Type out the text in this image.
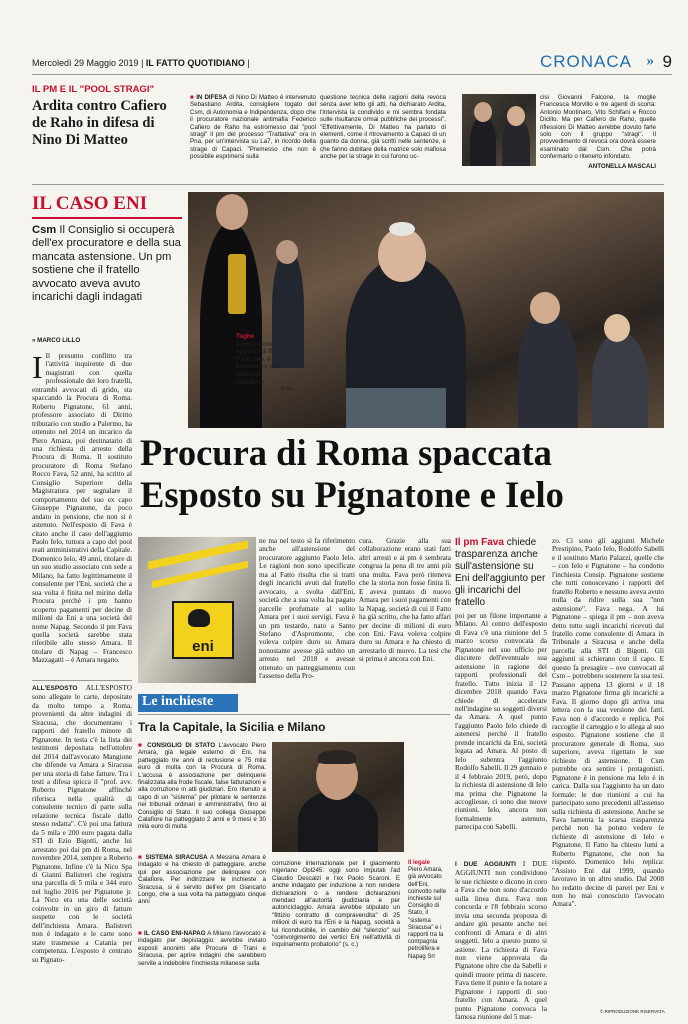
Mercoledì 29 Maggio 2019 | IL FATTO QUOTIDIANO |	CRONACA » 9
IL PM E IL "POOL STRAGI"
Ardita contro Cafiero de Raho in difesa di Nino Di Matteo
■ IN DIFESA di Nino Di Matteo è intervenuto Sebastiano Ardita, consigliere togato del Csm, di Autonomia e Indipendenza, dopo che il procuratore nazionale antimafia Federico Cafiero de Raho ha estromesso dal "pool stragi" il pm del processo "Trattativa" ora in Pna, per un'intervista su La7, in ricordo della strage di Capaci. "Premesso che non è possibile esprimersi sulla
questione tecnica delle ragioni della revoca senza aver letto gli atti, ha dichiarato Ardita, l'intervista la condivido e mi sembra fondata sulle risultanze ormai pubbliche dei processi". "Effettivamente, Di Matteo ha parlato di elementi, come il ritrovamento a Capaci di un guanto da donna, già scritti nelle sentenze, e che fanno dubitare della matrice solo mafiosa anche per la strage in cui furono uc-
cisi Giovanni Falcone, la moglie Francesca Morvillo e tre agenti di scorta: Antonio Montinaro, Vito Schifani e Rocco Dicillo. Ma per Cafiero de Raho, quelle riflessioni Di Matteo avrebbe dovuto farle solo con il gruppo "stragi". Il provvedimento di revoca ora dovrà essere esaminato dal Csm. Che potrà confermarlo o ritenerlo infondato.
ANTONELLA MASCALI
IL CASO ENI
Csm Il Consiglio si occuperà dell'ex procuratore e della sua mancata astensione. Un pm sostiene che il fratello avvocato aveva avuto incarichi dagli indagati
» MARCO LILLO
Toghe
Il procuratore aggiunto di Roma, Paolo Ielo, e l'ex procuratore capo, Giuseppe Pignatone

Ansa
Procura di Roma spaccata
Esposto su Pignatone e Ielo
I Il presunto conflitto tra l'attività inquirente di due magistrati con quella professionale dei loro fratelli, entrambi avvocati di grido, sta spaccando la Procura di Roma. Roberto Pignatone, 61 anni, professore associato di Diritto tributario con studio a Palermo, ha ottenuto nel 2014 un incarico da Piero Amara, poi destinatario di una richiesta di arresto della Procura di Roma. Il sostituto procuratore di Roma Stefano Rocco Fava, 52 anni, ha scritto al Consiglio Superiore della Magistratura per segnalare il comportamento del suo ex capo Giuseppe Pignatone, da poco andato in pensione, che non si è astenuto. Nell'esposto di Fava è citato anche il caso dell'aggiunto Paolo Ielo, tuttora a capo del pool reati amministrativi della Capitale. Domenico Ielo, 49 anni, titolare di un suo studio associato con sede a Milano, ha fatto legittimamente il consulente per l'Eni, società che a sua volta è finita nel mirino della Procura perché i pm hanno scoperto pagamenti per decine di milioni da Eni a una società del nome Napag. Secondo il pm Fava quella società sarebbe stata riferibile allo stesso Amara. Il titolare di Napag – Francesco Mazzagatti – è Amara negano.
ALL'ESPOSTO ALL'ESPOSTO sono allegate le carte, depositate da molto tempo a Roma, provenienti da altre indagini di Siracusa, che documentano i rapporti del fratello minore di Pignatone. In testa c'è la lista dei testimoni depositata nell'ottobre del 2014 dall'avvocato Mangione che difende va Amara a Siracusa per una storia di false fatture. Tra i testi a difesa spicca il "prof. avv. Roberto Pignatone affinché riferisca nella qualità di consulente tecnico di parte sulla relazione tecnica fiscale dallo stesso redatta". C'è poi una fattura da 5 mila e 200 euro pagata dalla STI di Ezio Bigotti, anche lui arrestato poi dai pm di Roma, nel novembre 2014, sempre a Roberto Pignatone. Infine c'è la Nico Spa di Gianni Balistreri che registra una parcella di 5 mila e 344 euro nel luglio 2016 per Pignatone jr. La Nico era una delle società coinvolte in un giro di fatture sospette con le società dell'inchiesta Amara. Balistreri non è indagato e le carte sono state trasmesse a Catania per competenza. L'esposto è centrato su Pignato-
eni
ne ma nel testo si fa riferimento anche all'astensione del procuratore aggiunto Paolo Ielo. Le ragioni non sono specificate ma al Fatto risulta che si tratti degli incarichi avuti dal fratello avvocato, a svolta dall'Eni, società che a sua volta ha pagato parcelle profumate al solito Amara per i suoi servigi. Fava è un pm testardo, nato a Santo Stefano d'Aspromonte, che voleva colpire duro su Amara nonostante avesse già subito un arresto nel 2018 e avesse ottenuto un patteggiamento con l'assenso della Pro-
cura. Grazie alla sua collaborazione erano stati fatti altri arresti e ai pm è sembrata congrua la pena di tre anni più una multa. Fava però riteneva che la storia non fosse finita lì. E aveva puntato di nuovo Amara per i suoi pagamenti con la Napag, società di cui il Fatto ha già scritto, che ha fatto affari per decine di milioni di euro con Eni. Fava voleva colpire duro su Amara e ha chiesto di arrestarlo di nuovo. La tesi che si prima è ancora con Eni.
Il pm Fava chiede trasparenza anche sull'astensione su Eni dell'aggiunto per gli incarichi del fratello
poi per un filone importante a Milano. Al centro dell'esposto di Fava c'è una riunione del 5 marzo scorso convocata da Pignatone nel suo ufficio per discutere dell'eventuale sua astensione in ragione dei rapporti professionali del fratello. Tutto inizia il 12 dicembre 2018 quando Fava chiede di accelerare nell'indagine su soggetti diversi da Amara. A quel punto l'aggiunto Paolo Ielo chiede di astenersi perché il fratello prende incarichi da Eni, società legata ad Amara. Al posto di Ielo subentra l'aggiunto Rodolfo Sabelli. Il 29 gennaio e il 4 febbraio 2019, però, dopo la richiesta di astensione di Ielo ma prima che Pignatone la accogliesse, ci sono due nuove riunioni. Ielo, ancora non formalmente astenuto, partecipa con Sabelli.
I DUE AGGIUNTI I DUE AGGIUNTI non condividono le sue richieste e dicono in coro a Fava che non sono d'accordo sulla linea dura. Fava non concorda e l'8 febbraio scorso invia una seconda proposta di andare giù pesante anche nei confronti di Amara e di altri soggetti. Ielo a questo punto si astiene. La richiesta di Fava non viene approvata da Pignatone oltre che da Sabelli e quindi muore prima di nascere. Fava tiene il punto e fa notare a Pignatone i rapporti di suo fratello con Amara. A quel punto Pignatone convoca la famosa riunione del 5 mar-
zo. Ci sono gli aggiunti Michele Prestipino, Paolo Ielo, Rodolfo Sabelli e il sostituto Mario Palazzi, quelle che – con Ielo e Pignatone – ha condotto l'inchiesta Consip. Pignatone sostiene che tutti conoscevano i rapporti del fratello Roberto e nessuno aveva avuto nulla da ridire sulla sua "non astensione". Fava nega. A lui Pignatone – spiega il pm – non aveva detto tutto sugli incarichi ricevuti dal fratello come consulente di Amara in Tribunale a Siracusa e anche della parcella alla STI di Bigotti. Gli aggiunti si schierano con il capo. E questo fa presagire – ove convocati al Csm – potrebbero sostenere la sua tesi. Passano appena 13 giorni e il 18 marzo Pignatone firma gli incarichi a Fava. Il giorno dopo gli arriva una lettera con la sua versione dei fatti. Fava non è d'accordo e replica. Poi raccoglie il carteggio e lo allega al suo esposto. Pignatone sostiene che il procuratore generale di Roma, suo superiore, aveva rigettato le sue richieste di astensione. Il Csm potrebbe ora sentire i protagonisti. Pignatone è in pensione ma Ielo è in carica. Dalla sua l'aggiunto ha un dato formale: le due riunioni a cui ha partecipato sono precedenti all'assenso sulla richiesta di astensione. Anche se Fava lamenta la scarsa trasparenza perché non ha potuto vedere le richieste di astensione di Ielo e Pignatone. Il Fatto ha chiesto lumi a Roberto Pignatone, che non ha risposto. Domenico Ielo replica: "Assisto Eni dal 1999, quando lavoravo in un altro studio. Dal 2008 ho redatto decine di pareri per Eni e non ho mai conosciuto l'avvocato Amara".
© RIPRODUZIONE RISERVATA
Le inchieste
Tra la Capitale, la Sicilia e Milano
■ CONSIGLIO DI STATO L'avvocato Piero Amara, già legale esterno di Eni, ha patteggiato tre anni di reclusione e 75 mila euro di multa con la Procura di Roma. L'accusa è associazione per delinquere finalizzata alla frode fiscale, false fatturazioni e alla corruzione in atti giudiziari. Ero ritenuto a capo di un "sistema" per pilotare le sentenze nei tribunali ordinari e amministrativi, fino al Consiglio di Stato. Il suo collega Giuseppe Calafiore ha patteggiato 2 anni e 9 mesi e 30 mila euro di multa
■ SISTEMA SIRACUSA A Messina Amara è indagato e ha chiesto di patteggiare, anche qui per associazione per delinquere con Calafiore. Per indirizzare le inchieste a Siracusa, si è servito dell'ex pm Giancarlo Longo, che a sua volta ha patteggiato cinque anni
■ IL CASO ENI-NAPAG A Milano l'avvocato è indagato per depistaggio: avrebbe inviato esposti anonimi alle Procure di Trani e Siracusa, per aprire indagini che sarebbero servite a indebolire l'inchiesta milanese sulla
corruzione internazionale per il giacimento nigeriano Opl245: oggi sono imputati l'ad Claudio Descalzi e l'ex Paolo Scaroni. E anche indagato per induzione a non rendere dichiarazioni o a rendere dichiarazioni mendaci all'autorità giudiziaria e per autoriciclaggio. Amara avrebbe stipulato un "fittizio contratto di compravendita" di 25 milioni di euro tra l'Eni e la Napag, società a lui riconducibile, in cambio del "silenzio" sul "coinvolgimento dei vertici Eni nell'attività di inquinamento probatorio" (s. c.)
Il legale
Piero Amara, già avvocato dell'Eni, coinvolto nelle inchieste sul Consiglio di Stato, il "sistema Siracusa" e i rapporti tra la compagnia petrolifera e Napag Srl
